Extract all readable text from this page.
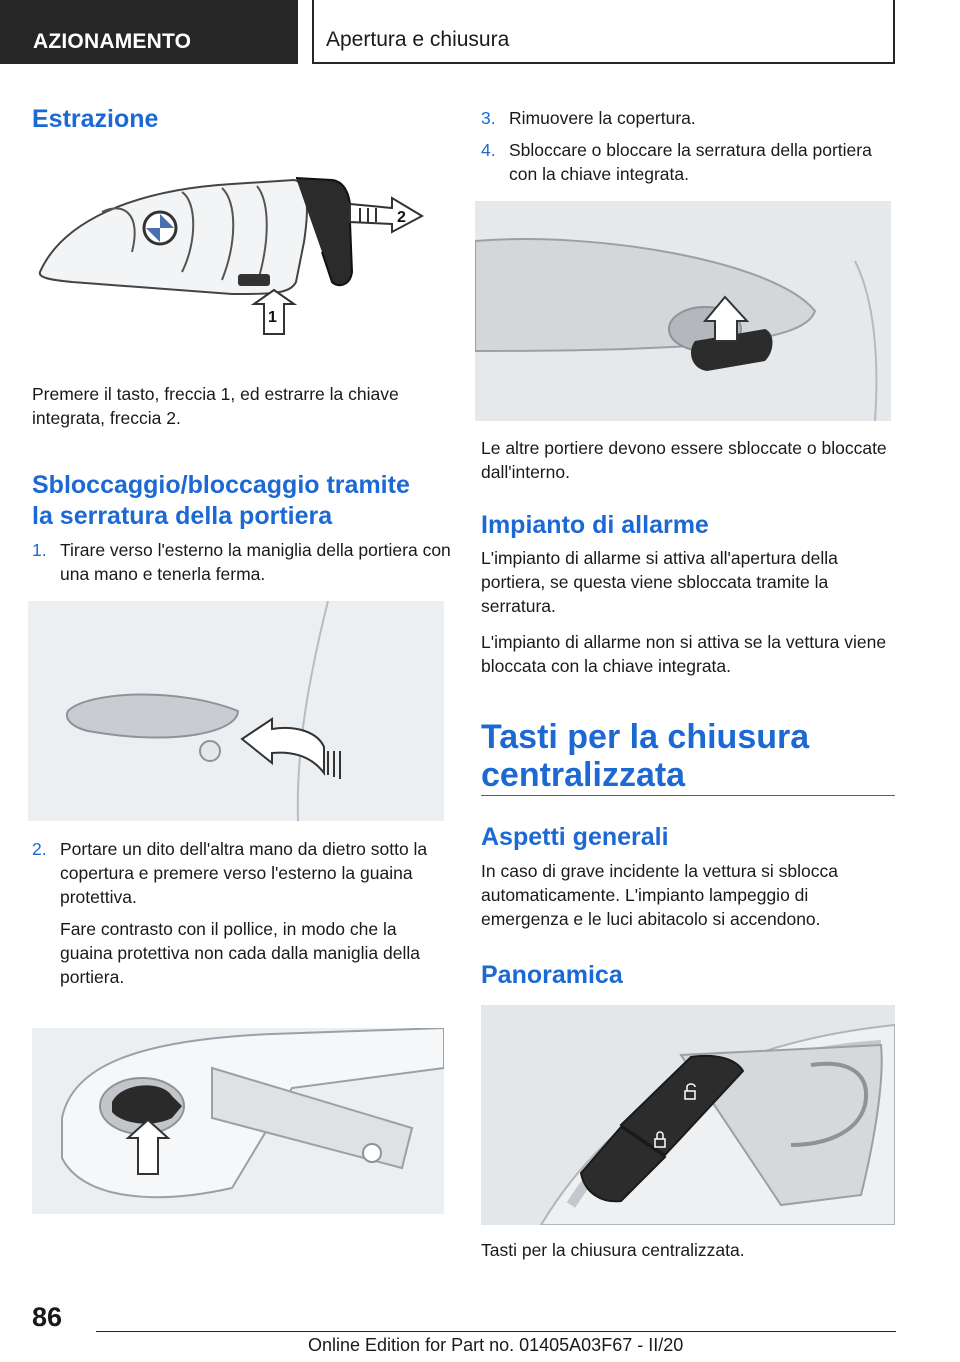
AZIONAMENTO	Apertura e chiusura
Estrazione
2
1

Premere il tasto, freccia 1, ed estrarre la chiave integrata, freccia 2.

Sbloccaggio/bloccaggio tramite
la serratura della portiera
1. Tirare verso l'esterno la maniglia della portiera con una mano e tenerla ferma.
2. Portare un dito dell'altra mano da dietro sotto la copertura e premere verso l'esterno la guaina protettiva.
Fare contrasto con il pollice, in modo che la guaina protettiva non cada dalla maniglia della portiera.
3. Rimuovere la copertura.
4. Sbloccare o bloccare la serratura della portiera con la chiave integrata.

Le altre portiere devono essere sbloccate o bloccate dall'interno.

Impianto di allarme

L'impianto di allarme si attiva all'apertura della portiera, se questa viene sbloccata tramite la serratura.

L'impianto di allarme non si attiva se la vettura viene bloccata con la chiave integrata.

Tasti per la chiusura
centralizzata
Aspetti generali

In caso di grave incidente la vettura si sblocca automaticamente. L'impianto lampeggio di emergenza e le luci abitacolo si accendono.

Panoramica

Tasti per la chiusura centralizzata.

86
Online Edition for Part no. 01405A03F67 - II/20
